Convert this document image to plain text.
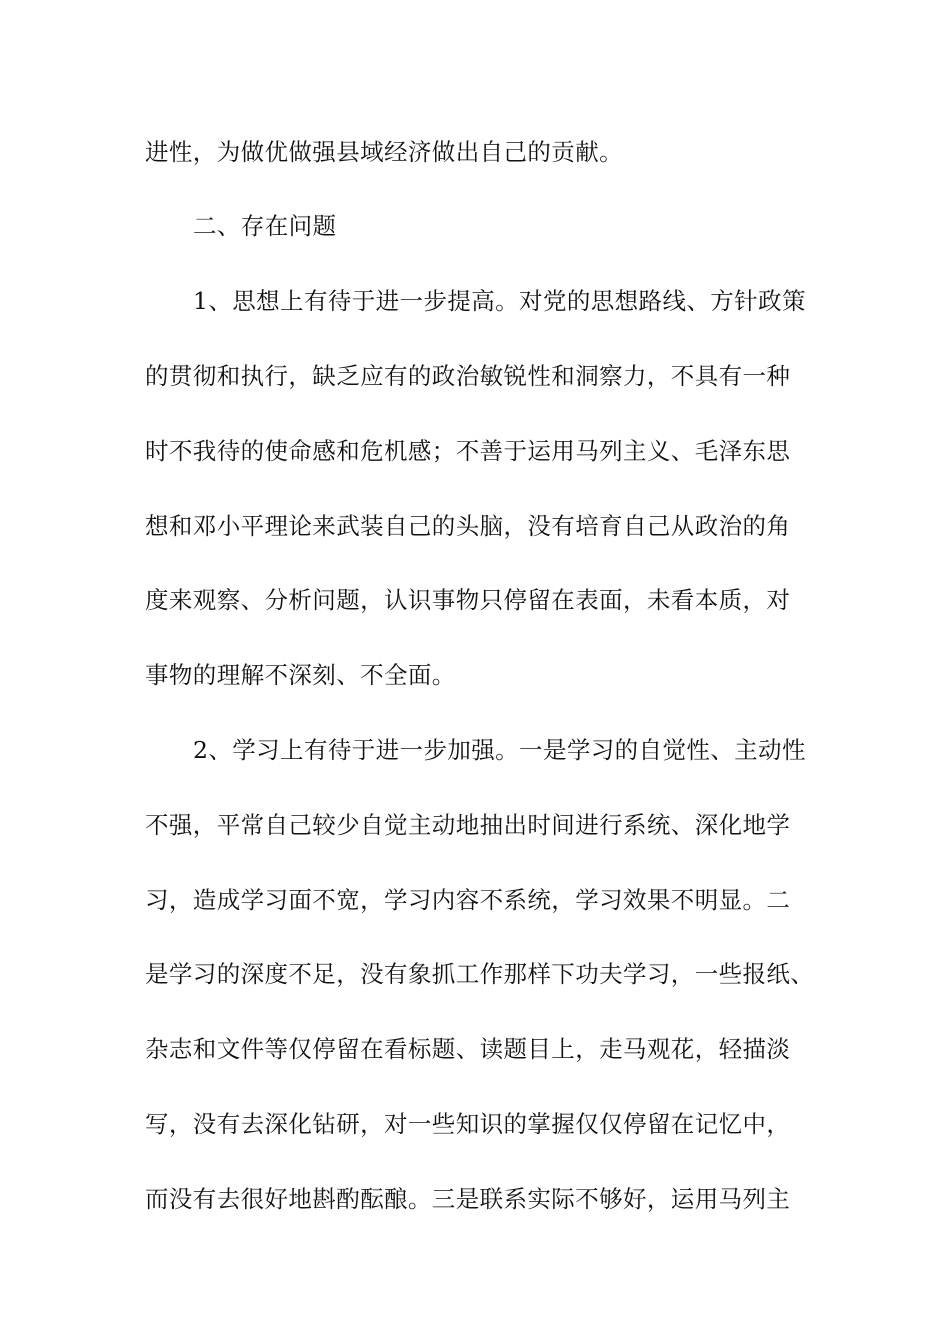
进性，为做优做强县域经济做出自己的贡献。
二、存在问题
1、思想上有待于进一步提高。对党的思想路线、方针政策
的贯彻和执行，缺乏应有的政治敏锐性和洞察力，不具有一种
时不我待的使命感和危机感；不善于运用马列主义、毛泽东思
想和邓小平理论来武装自己的头脑，没有培育自己从政治的角
度来观察、分析问题，认识事物只停留在表面，未看本质，对
事物的理解不深刻、不全面。
2、学习上有待于进一步加强。一是学习的自觉性、主动性
不强，平常自己较少自觉主动地抽出时间进行系统、深化地学
习，造成学习面不宽，学习内容不系统，学习效果不明显。二
是学习的深度不足，没有象抓工作那样下功夫学习，一些报纸、
杂志和文件等仅停留在看标题、读题目上，走马观花，轻描淡
写，没有去深化钻研，对一些知识的掌握仅仅停留在记忆中，
而没有去很好地斟酌酝酿。三是联系实际不够好，运用马列主
